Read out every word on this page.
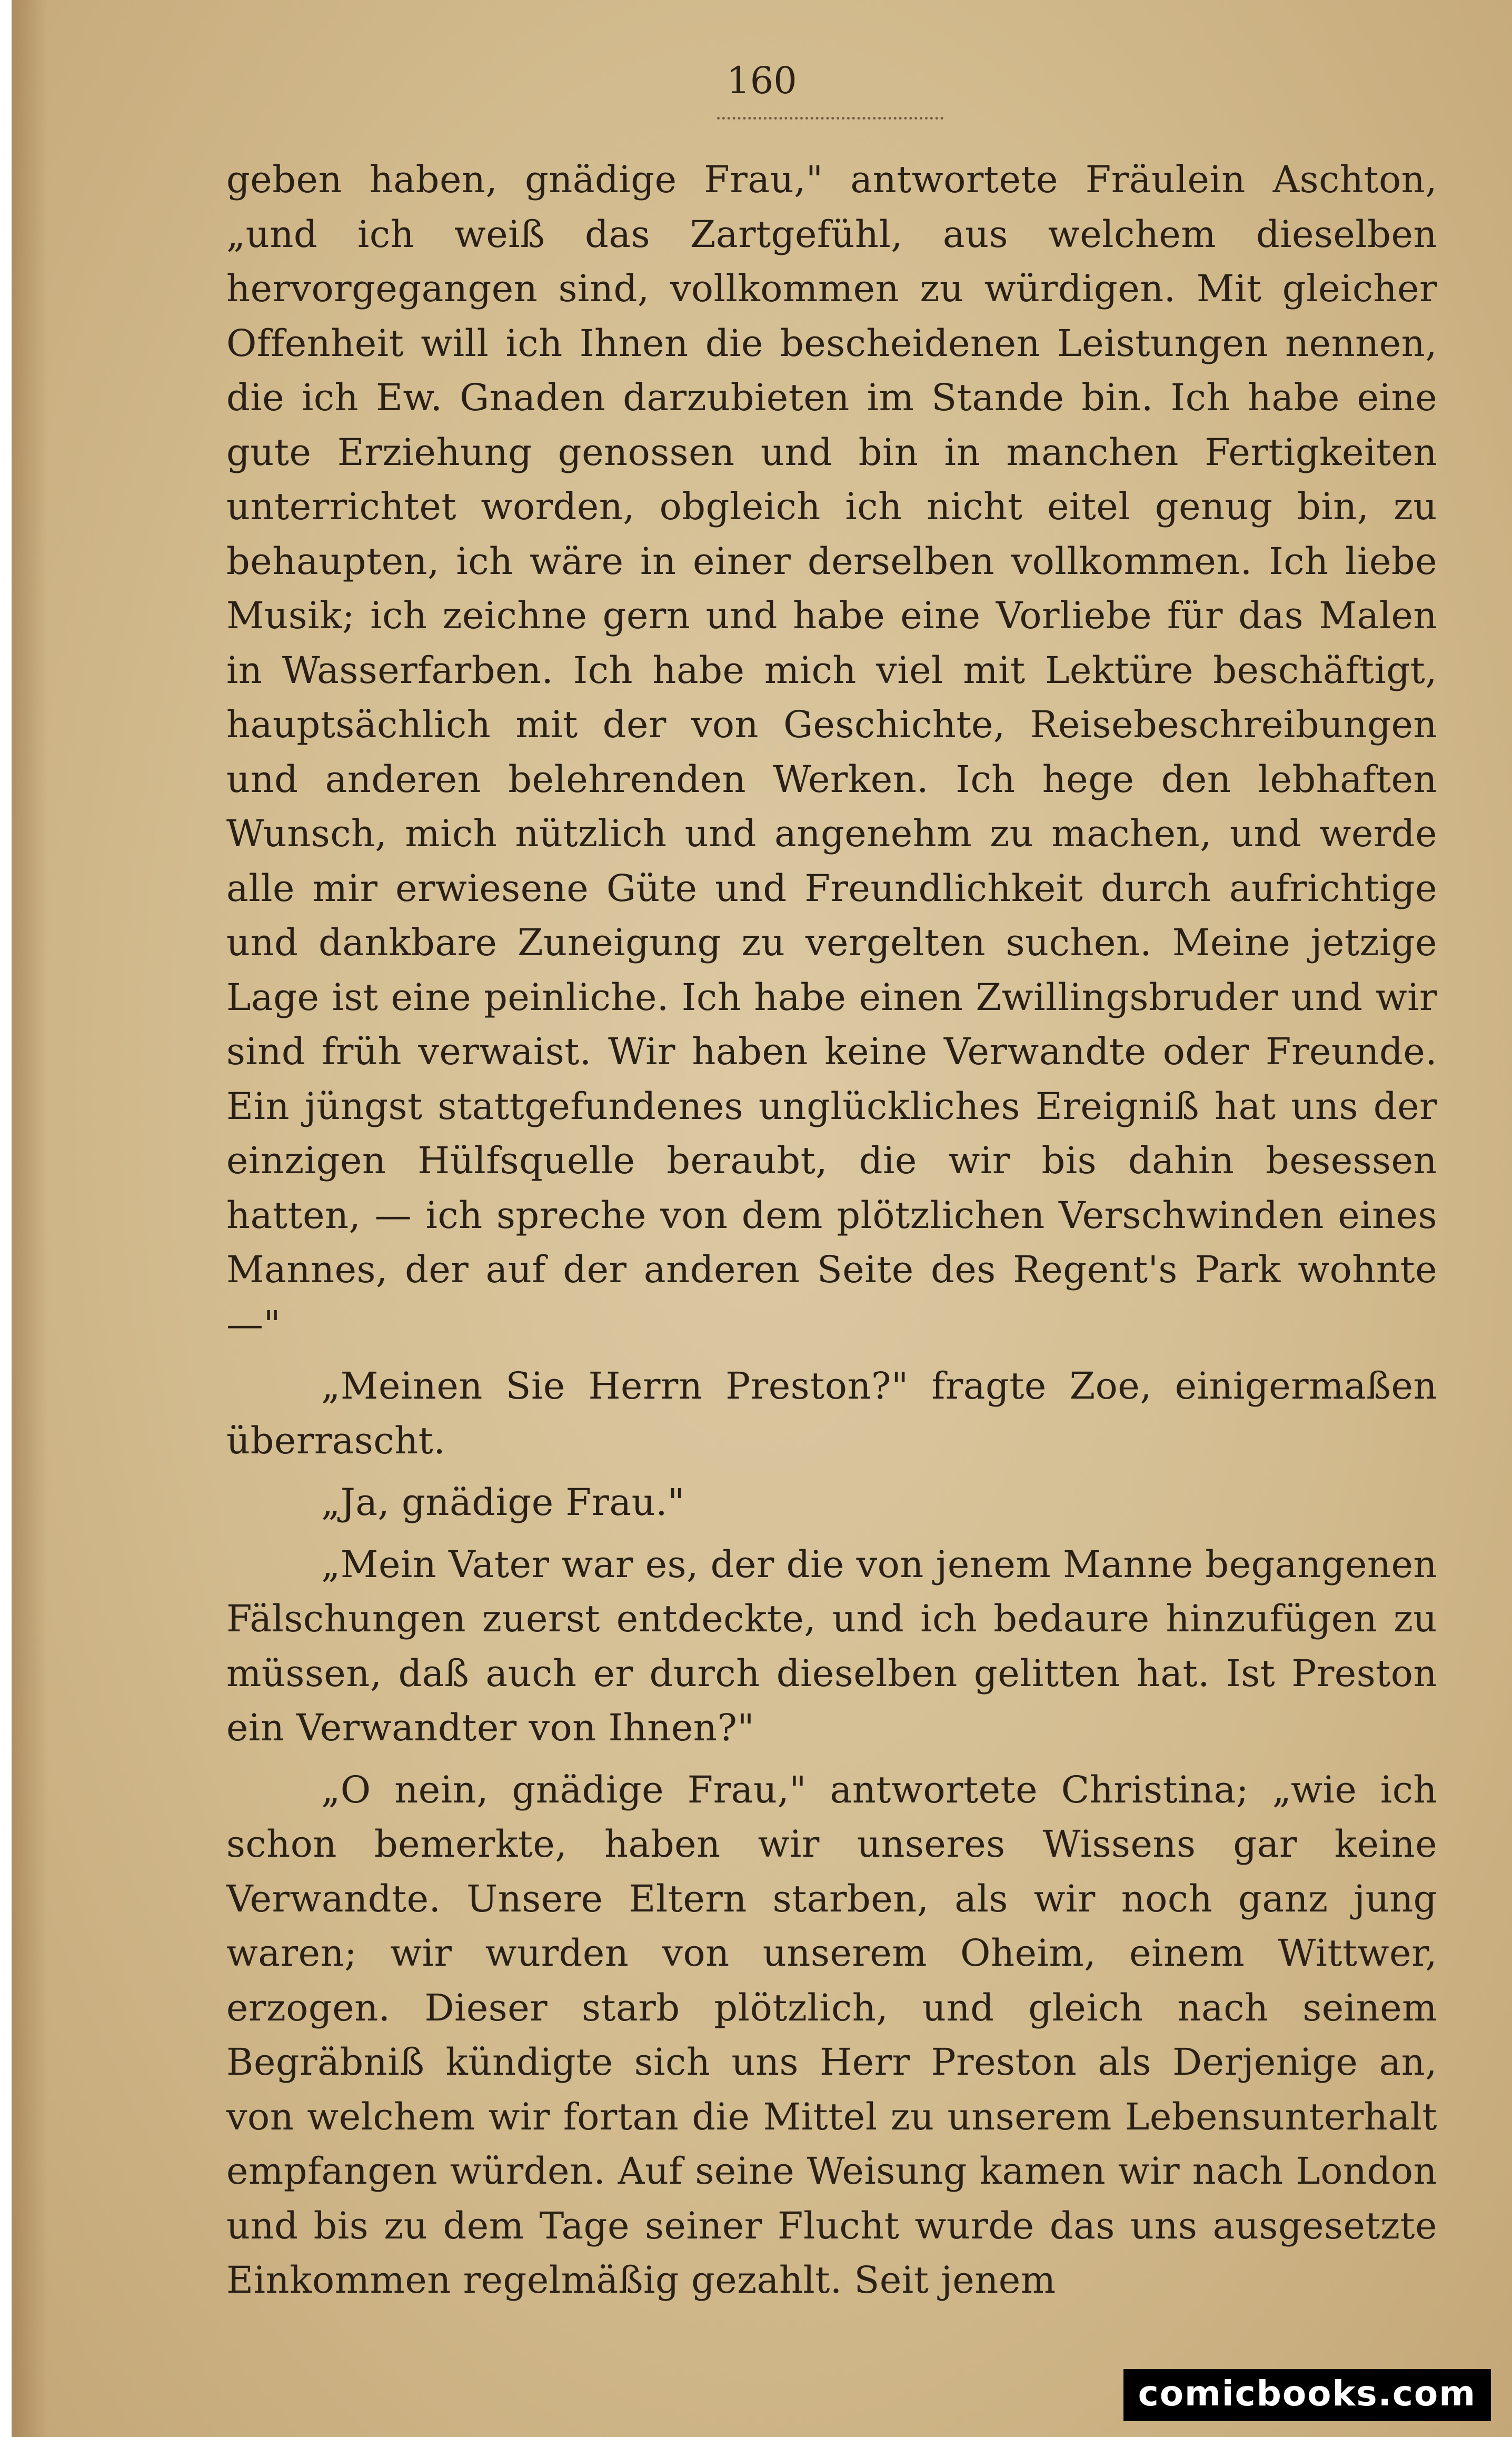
160

geben haben, gnädige Frau," antwortete Fräulein Aschton, „und ich weiß das Zartgefühl, aus welchem dieselben hervorgegangen sind, vollkommen zu würdigen. Mit gleicher Offenheit will ich Ihnen die bescheidenen Leistungen nennen, die ich Ew. Gnaden darzubieten im Stande bin. Ich habe eine gute Erziehung genossen und bin in manchen Fertigkeiten unterrichtet worden, obgleich ich nicht eitel genug bin, zu behaupten, ich wäre in einer derselben vollkommen. Ich liebe Musik; ich zeichne gern und habe eine Vorliebe für das Malen in Wasserfarben. Ich habe mich viel mit Lektüre beschäftigt, hauptsächlich mit der von Geschichte, Reisebeschreibungen und anderen belehrenden Werken. Ich hege den lebhaften Wunsch, mich nützlich und angenehm zu machen, und werde alle mir erwiesene Güte und Freundlichkeit durch aufrichtige und dankbare Zuneigung zu vergelten suchen. Meine jetzige Lage ist eine peinliche. Ich habe einen Zwillingsbruder und wir sind früh verwaist. Wir haben keine Verwandte oder Freunde. Ein jüngst stattgefundenes unglückliches Ereigniß hat uns der einzigen Hülfsquelle beraubt, die wir bis dahin besessen hatten, — ich spreche von dem plötzlichen Verschwinden eines Mannes, der auf der anderen Seite des Regent's Park wohnte —"

„Meinen Sie Herrn Preston?" fragte Zoe, einigermaßen überrascht.

„Ja, gnädige Frau."

„Mein Vater war es, der die von jenem Manne begangenen Fälschungen zuerst entdeckte, und ich bedaure hinzufügen zu müssen, daß auch er durch dieselben gelitten hat. Ist Preston ein Verwandter von Ihnen?"

„O nein, gnädige Frau," antwortete Christina; „wie ich schon bemerkte, haben wir unseres Wissens gar keine Verwandte. Unsere Eltern starben, als wir noch ganz jung waren; wir wurden von unserem Oheim, einem Wittwer, erzogen. Dieser starb plötzlich, und gleich nach seinem Begräbniß kündigte sich uns Herr Preston als Derjenige an, von welchem wir fortan die Mittel zu unserem Lebensunterhalt empfangen würden. Auf seine Weisung kamen wir nach London und bis zu dem Tage seiner Flucht wurde das uns ausgesetzte Einkommen regelmäßig gezahlt. Seit jenem

comicbooks.com
